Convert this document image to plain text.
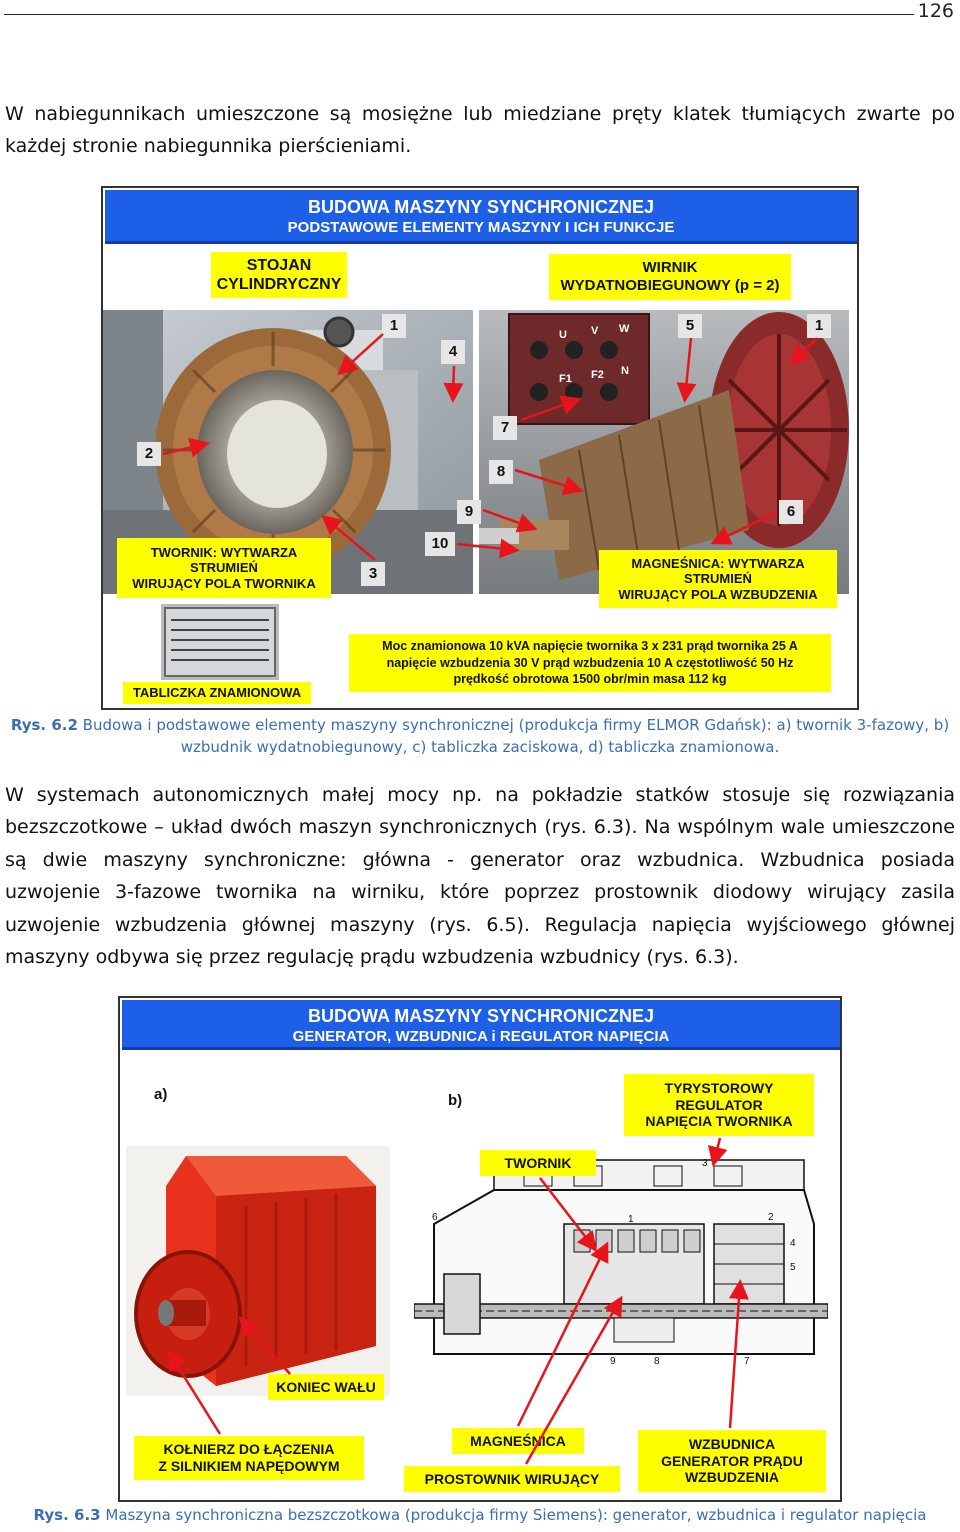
126
W nabiegunnikach umieszczone są mosiężne lub miedziane pręty klatek tłumiących zwarte po każdej stronie nabiegunnika pierścieniami.
BUDOWA MASZYNY SYNCHRONICZNEJ
PODSTAWOWE ELEMENTY MASZYNY I ICH FUNKCJE
U V W
F1 F2 N
STOJAN
CYLINDRYCZNY
WIRNIK
WYDATNOBIEGUNOWY (p = 2)
TWORNIK: WYTWARZA
STRUMIEŃ
WIRUJĄCY POLA TWORNIKA
MAGNEŚNICA: WYTWARZA
STRUMIEŃ
WIRUJĄCY POLA WZBUDZENIA
TABLICZKA ZNAMIONOWA
Moc znamionowa 10 kVA napięcie twornika 3 x 231 prąd twornika 25 A
napięcie wzbudzenia 30 V prąd wzbudzenia 10 A częstotliwość 50 Hz
prędkość obrotowa 1500 obr/min masa 112 kg
1
4
5	1
2
7
8
9	6
3
10
Rys. 6.2 Budowa i podstawowe elementy maszyny synchronicznej (produkcja firmy ELMOR Gdańsk): a) twornik 3-fazowy, b) wzbudnik wydatnobiegunowy, c) tabliczka zaciskowa, d) tabliczka znamionowa.
W systemach autonomicznych małej mocy np. na pokładzie statków stosuje się rozwiązania bezszczotkowe – układ dwóch maszyn synchronicznych (rys. 6.3). Na wspólnym wale umieszczone są dwie maszyny synchroniczne: główna - generator oraz wzbudnica. Wzbudnica posiada uzwojenie 3-fazowe twornika na wirniku, które poprzez prostownik diodowy wirujący zasila uzwojenie wzbudzenia głównej maszyny (rys. 6.5). Regulacja napięcia wyjściowego głównej maszyny odbywa się przez regulację prądu wzbudzenia wzbudnicy (rys. 6.3).
BUDOWA MASZYNY SYNCHRONICZNEJ
GENERATOR, WZBUDNICA i REGULATOR NAPIĘCIA
a)	b)
3
6	1	2
4
5
9	8	7
TYRYSTOROWY
REGULATOR
NAPIĘCIA TWORNIKA
TWORNIK
KONIEC WAŁU
KOŁNIERZ DO ŁĄCZENIA
Z SILNIKIEM NAPĘDOWYM
MAGNEŚNICA
PROSTOWNIK WIRUJĄCY
WZBUDNICA
GENERATOR PRĄDU
WZBUDZENIA
Rys. 6.3 Maszyna synchroniczna bezszczotkowa (produkcja firmy Siemens): generator, wzbudnica i regulator napięcia
